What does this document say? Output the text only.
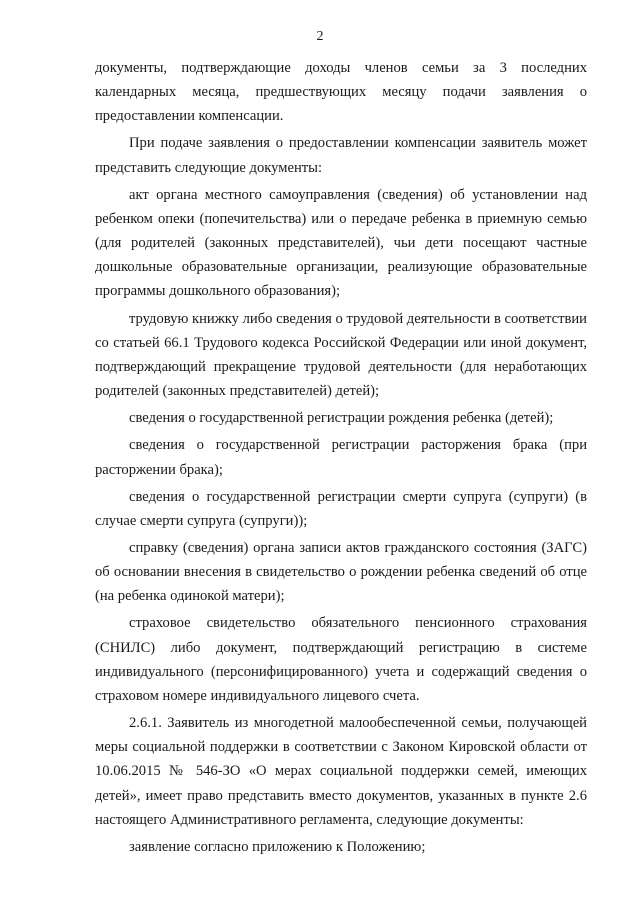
2

документы, подтверждающие доходы членов семьи за 3 последних календарных месяца, предшествующих месяцу подачи заявления о предоставлении компенсации.

При подаче заявления о предоставлении компенсации заявитель может представить следующие документы:

акт органа местного самоуправления (сведения) об установлении над ребенком опеки (попечительства) или о передаче ребенка в приемную семью (для родителей (законных представителей), чьи дети посещают частные дошкольные образовательные организации, реализующие образовательные программы дошкольного образования);

трудовую книжку либо сведения о трудовой деятельности в соответствии со статьей 66.1 Трудового кодекса Российской Федерации или иной документ, подтверждающий прекращение трудовой деятельности (для неработающих родителей (законных представителей) детей);

сведения о государственной регистрации рождения ребенка (детей);

сведения о государственной регистрации расторжения брака (при расторжении брака);

сведения о государственной регистрации смерти супруга (супруги) (в случае смерти супруга (супруги));

справку (сведения) органа записи актов гражданского состояния (ЗАГС) об основании внесения в свидетельство о рождении ребенка сведений об отце (на ребенка одинокой матери);

страховое свидетельство обязательного пенсионного страхования (СНИЛС) либо документ, подтверждающий регистрацию в системе индивидуального (персонифицированного) учета и содержащий сведения о страховом номере индивидуального лицевого счета.

2.6.1. Заявитель из многодетной малообеспеченной семьи, получающей меры социальной поддержки в соответствии с Законом Кировской области от 10.06.2015 № 546-ЗО «О мерах социальной поддержки семей, имеющих детей», имеет право представить вместо документов, указанных в пункте 2.6 настоящего Административного регламента, следующие документы:

заявление согласно приложению к Положению;
